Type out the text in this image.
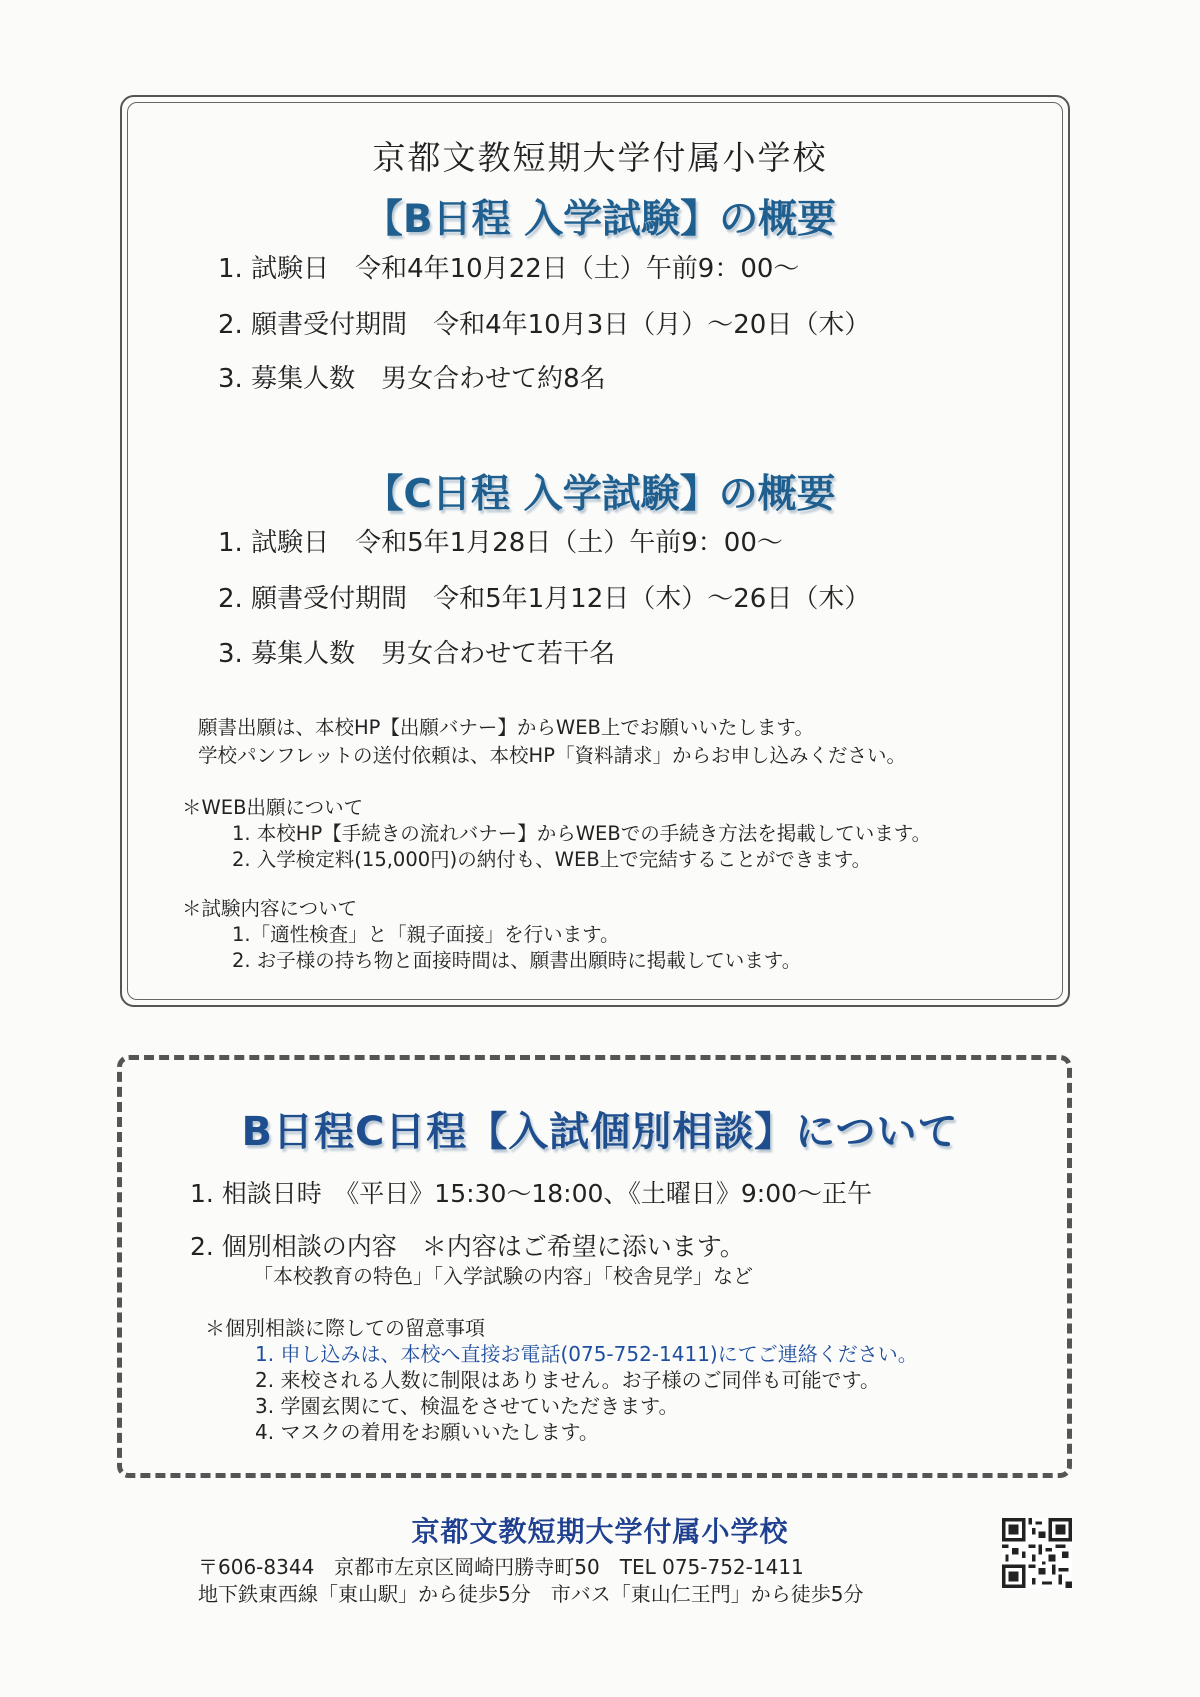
京都文教短期大学付属小学校
【B日程 入学試験】の概要
1. 試験日　令和4年10月22日（土）午前9：00～
2. 願書受付期間　令和4年10月3日（月）～20日（木）
3. 募集人数　男女合わせて約8名
【C日程 入学試験】の概要
1. 試験日　令和5年1月28日（土）午前9：00～
2. 願書受付期間　令和5年1月12日（木）～26日（木）
3. 募集人数　男女合わせて若干名
願書出願は、本校HP【出願バナー】からWEB上でお願いいたします。
学校パンフレットの送付依頼は、本校HP「資料請求」からお申し込みください。
＊WEB出願について
1. 本校HP【手続きの流れバナー】からWEBでの手続き方法を掲載しています。
2. 入学検定料(15,000円)の納付も、WEB上で完結することができます。
＊試験内容について
1.「適性検査」と「親子面接」を行います。
2. お子様の持ち物と面接時間は、願書出願時に掲載しています。
B日程C日程【入試個別相談】について
1. 相談日時　《平日》15:30～18:00、《土曜日》9:00～正午
2. 個別相談の内容　＊内容はご希望に添います。
「本校教育の特色」「入学試験の内容」「校舎見学」など
＊個別相談に際しての留意事項
1. 申し込みは、本校へ直接お電話(075-752-1411)にてご連絡ください。
2. 来校される人数に制限はありません。お子様のご同伴も可能です。
3. 学園玄関にて、検温をさせていただきます。
4. マスクの着用をお願いいたします。
京都文教短期大学付属小学校
〒606-8344　京都市左京区岡崎円勝寺町50　TEL 075-752-1411
地下鉄東西線「東山駅」から徒歩5分　市バス「東山仁王門」から徒歩5分
